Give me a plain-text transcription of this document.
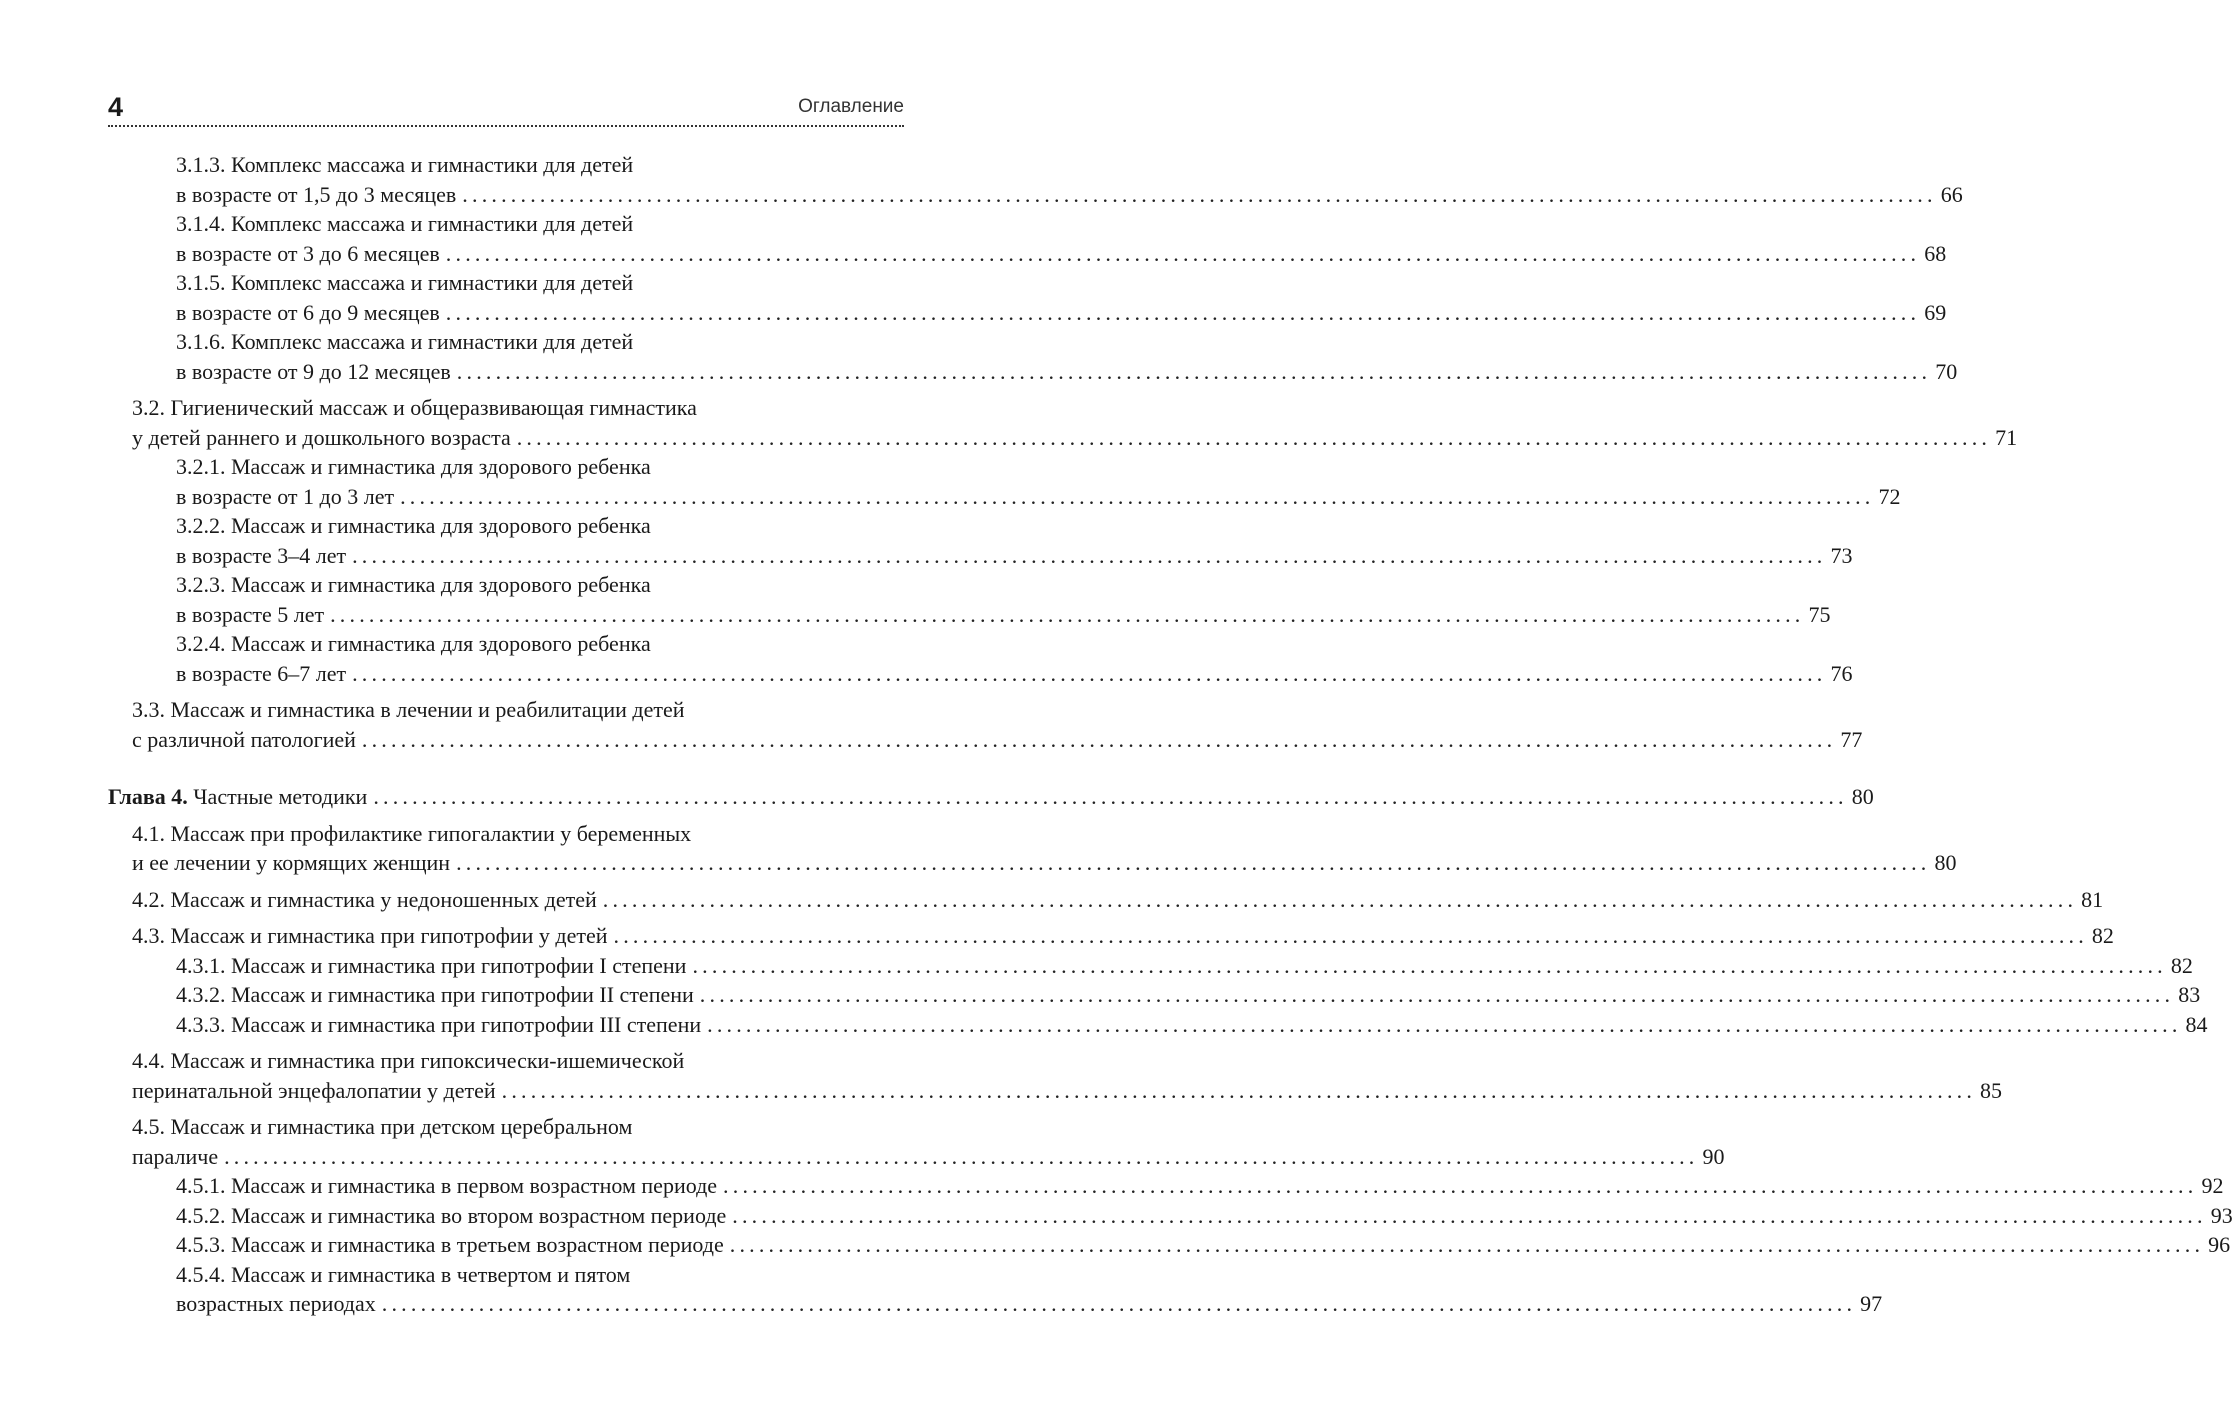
4	Оглавление
3.1.3. Комплекс массажа и гимнастики для детей
в возрасте от 1,5 до 3 месяцев ........................................................................................................................................................ 66
3.1.4. Комплекс массажа и гимнастики для детей
в возрасте от 3 до 6 месяцев ........................................................................................................................................................ 68
3.1.5. Комплекс массажа и гимнастики для детей
в возрасте от 6 до 9 месяцев ........................................................................................................................................................ 69
3.1.6. Комплекс массажа и гимнастики для детей
в возрасте от 9 до 12 месяцев ........................................................................................................................................................ 70
3.2. Гигиенический массаж и общеразвивающая гимнастика
у детей раннего и дошкольного возраста ........................................................................................................................................................ 71
3.2.1. Массаж и гимнастика для здорового ребенка
в возрасте от 1 до 3 лет ........................................................................................................................................................ 72
3.2.2. Массаж и гимнастика для здорового ребенка
в возрасте 3–4 лет ........................................................................................................................................................ 73
3.2.3. Массаж и гимнастика для здорового ребенка
в возрасте 5 лет ........................................................................................................................................................ 75
3.2.4. Массаж и гимнастика для здорового ребенка
в возрасте 6–7 лет ........................................................................................................................................................ 76
3.3. Массаж и гимнастика в лечении и реабилитации детей
с различной патологией ........................................................................................................................................................ 77
Глава 4. Частные методики ........................................................................................................................................................ 80
4.1. Массаж при профилактике гипогалактии у беременных
и ее лечении у кормящих женщин ........................................................................................................................................................ 80
4.2. Массаж и гимнастика у недоношенных детей ........................................................................................................................................................ 81
4.3. Массаж и гимнастика при гипотрофии у детей ........................................................................................................................................................ 82
4.3.1. Массаж и гимнастика при гипотрофии I степени ........................................................................................................................................................ 82
4.3.2. Массаж и гимнастика при гипотрофии II степени ........................................................................................................................................................ 83
4.3.3. Массаж и гимнастика при гипотрофии III степени ........................................................................................................................................................ 84
4.4. Массаж и гимнастика при гипоксически-ишемической
перинатальной энцефалопатии у детей ........................................................................................................................................................ 85
4.5. Массаж и гимнастика при детском церебральном
параличе ........................................................................................................................................................ 90
4.5.1. Массаж и гимнастика в первом возрастном периоде ........................................................................................................................................................ 92
4.5.2. Массаж и гимнастика во втором возрастном периоде ........................................................................................................................................................ 93
4.5.3. Массаж и гимнастика в третьем возрастном периоде ........................................................................................................................................................ 96
4.5.4. Массаж и гимнастика в четвертом и пятом
возрастных периодах ........................................................................................................................................................ 97
